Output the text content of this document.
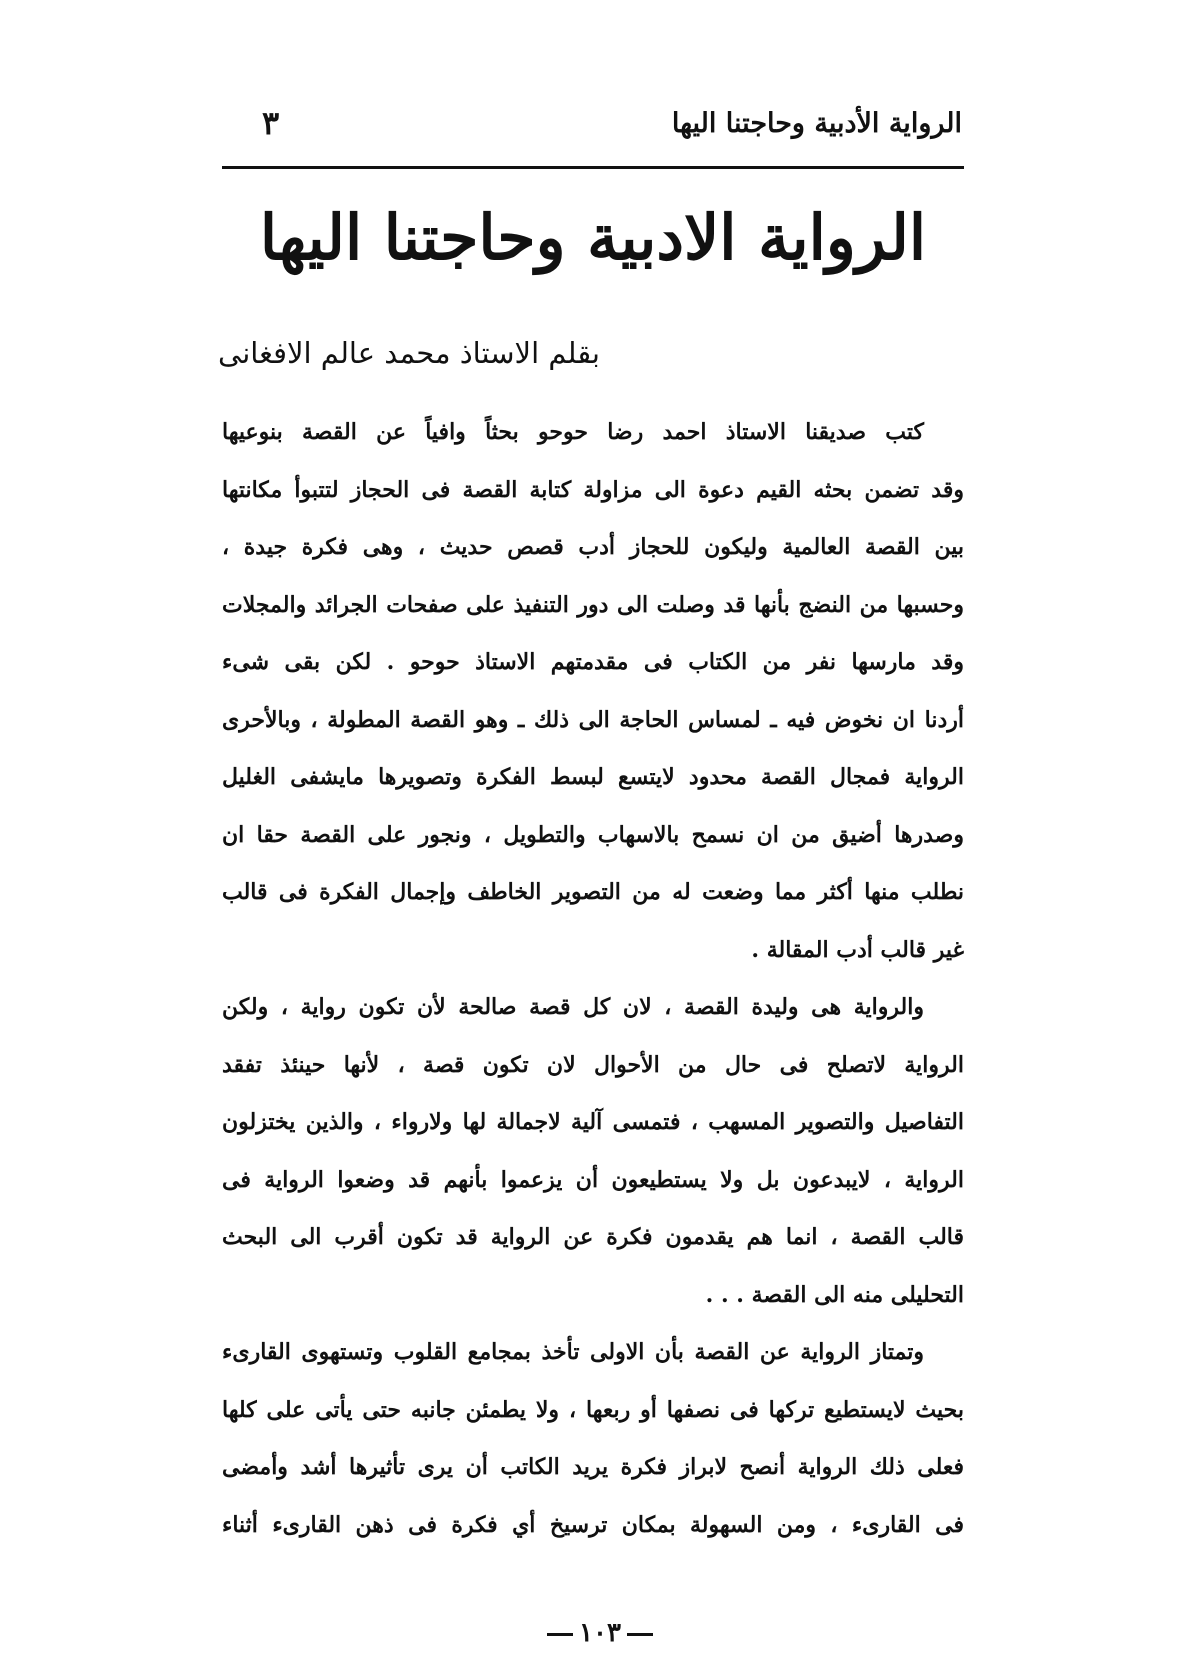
الرواية الأدبية وحاجتنا اليها
٣
الرواية الادبية وحاجتنا اليها
بقلم الاستاذ محمد عالم الافغانى
كتب صديقنا الاستاذ احمد رضا حوحو بحثاً وافياً عن القصة بنوعيها
وقد تضمن بحثه القيم دعوة الى مزاولة كتابة القصة فى الحجاز لتتبوأ مكانتها
بين القصة العالمية وليكون للحجاز أدب قصص حديث ، وهى فكرة جيدة ،
وحسبها من النضج بأنها قد وصلت الى دور التنفيذ على صفحات الجرائد والمجلات
وقد مارسها نفر من الكتاب فى مقدمتهم الاستاذ حوحو . لكن بقى شىء
أردنا ان نخوض فيه ـ لمساس الحاجة الى ذلك ـ وهو القصة المطولة ، وبالأحرى
الرواية فمجال القصة محدود لايتسع لبسط الفكرة وتصويرها مايشفى الغليل
وصدرها أضيق من ان نسمح بالاسهاب والتطويل ، ونجور على القصة حقا ان
نطلب منها أكثر مما وضعت له من التصوير الخاطف وإجمال الفكرة فى قالب
غير قالب أدب المقالة .
والرواية هى وليدة القصة ، لان كل قصة صالحة لأن تكون رواية ، ولكن
الرواية لاتصلح فى حال من الأحوال لان تكون قصة ، لأنها حينئذ تفقد
التفاصيل والتصوير المسهب ، فتمسى آلية لاجمالة لها ولارواء ، والذين يختزلون
الرواية ، لايبدعون بل ولا يستطيعون أن يزعموا بأنهم قد وضعوا الرواية فى
قالب القصة ، انما هم يقدمون فكرة عن الرواية قد تكون أقرب الى البحث
التحليلى منه الى القصة . . .
وتمتاز الرواية عن القصة بأن الاولى تأخذ بمجامع القلوب وتستهوى القارىء
بحيث لايستطيع تركها فى نصفها أو ربعها ، ولا يطمئن جانبه حتى يأتى على كلها
فعلى ذلك الرواية أنصح لابراز فكرة يريد الكاتب أن يرى تأثيرها أشد وأمضى
فى القارىء ، ومن السهولة بمكان ترسيخ أي فكرة فى ذهن القارىء أثناء
١٠٣
